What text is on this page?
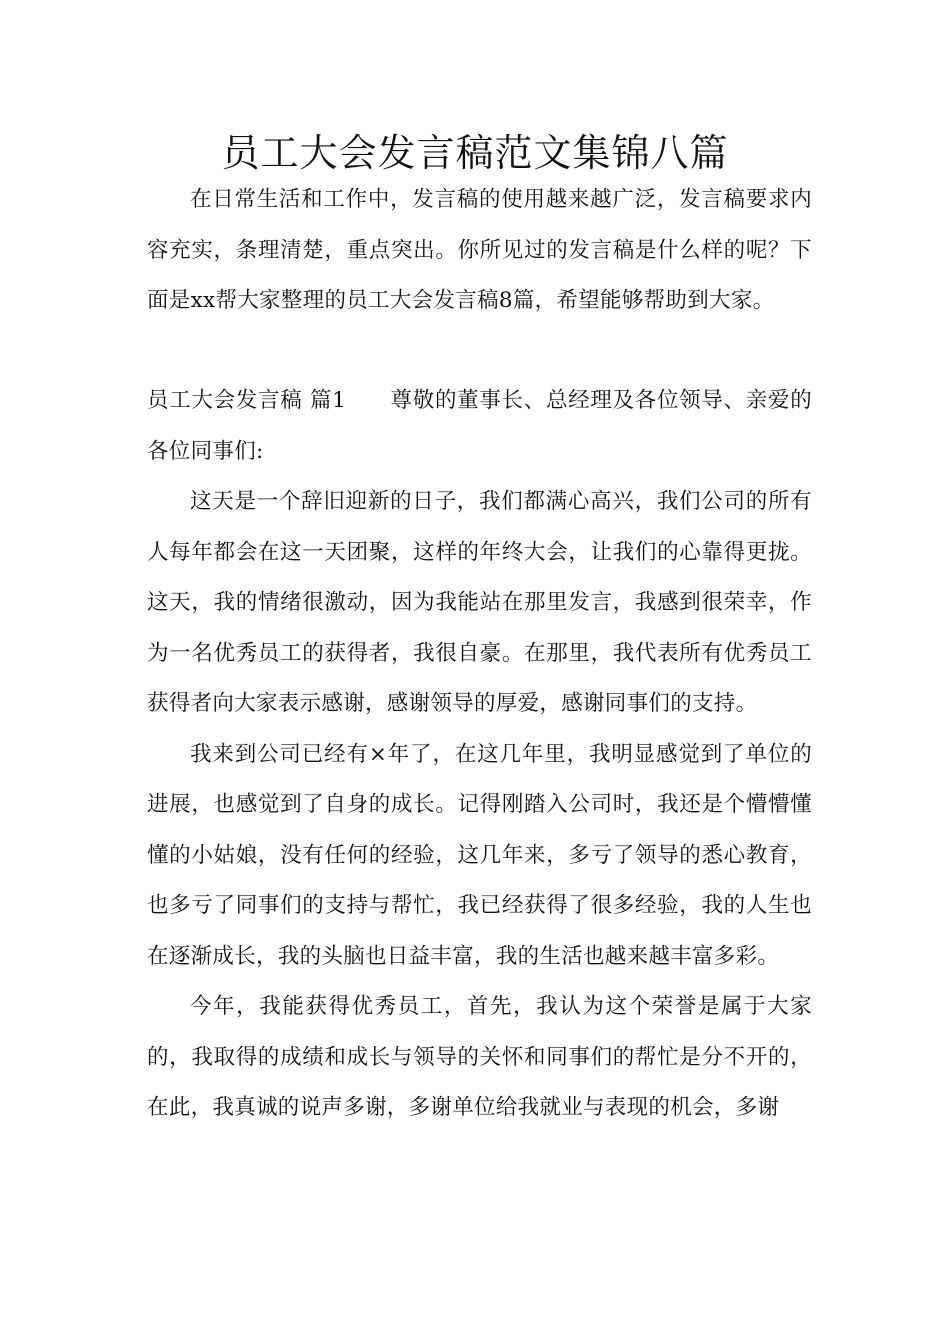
员工大会发言稿范文集锦八篇

在日常生活和工作中，发言稿的使用越来越广泛，发言稿要求内容充实，条理清楚，重点突出。你所见过的发言稿是什么样的呢？下面是xx帮大家整理的员工大会发言稿8篇，希望能够帮助到大家。

员工大会发言稿 篇1 尊敬的董事长、总经理及各位领导、亲爱的各位同事们:

这天是一个辞旧迎新的日子，我们都满心高兴，我们公司的所有人每年都会在这一天团聚，这样的年终大会，让我们的心靠得更拢。这天，我的情绪很激动，因为我能站在那里发言，我感到很荣幸，作为一名优秀员工的获得者，我很自豪。在那里，我代表所有优秀员工获得者向大家表示感谢，感谢领导的厚爱，感谢同事们的支持。

我来到公司已经有×年了，在这几年里，我明显感觉到了单位的进展，也感觉到了自身的成长。记得刚踏入公司时，我还是个懵懵懂懂的小姑娘，没有任何的经验，这几年来，多亏了领导的悉心教育，也多亏了同事们的支持与帮忙，我已经获得了很多经验，我的人生也在逐渐成长，我的头脑也日益丰富，我的生活也越来越丰富多彩。

今年，我能获得优秀员工，首先，我认为这个荣誉是属于大家的，我取得的成绩和成长与领导的关怀和同事们的帮忙是分不开的，在此，我真诚的说声多谢，多谢单位给我就业与表现的机会，多谢
